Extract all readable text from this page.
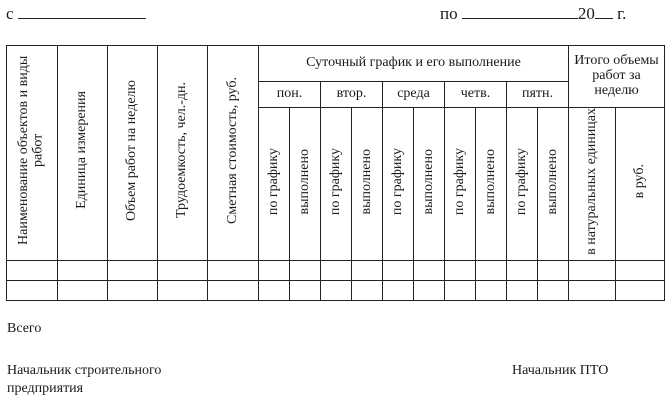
с	по	20 г.
Наименование объектов и виды работ	Единица измерения	Объем работ на неделю	Трудоемкость, чел.-дн.	Сметная стоимость, руб.	Суточный график и его выполнение										Итого объемы работ за неделю	
					пон.		втор.		среда		четв.		пятн.			
					по графику	выполнено	по графику	выполнено	по графику	выполнено	по графику	выполнено	по графику	выполнено	в натуральных единицах	в руб.

Всего
Начальник строительного предприятия
Начальник ПТО
